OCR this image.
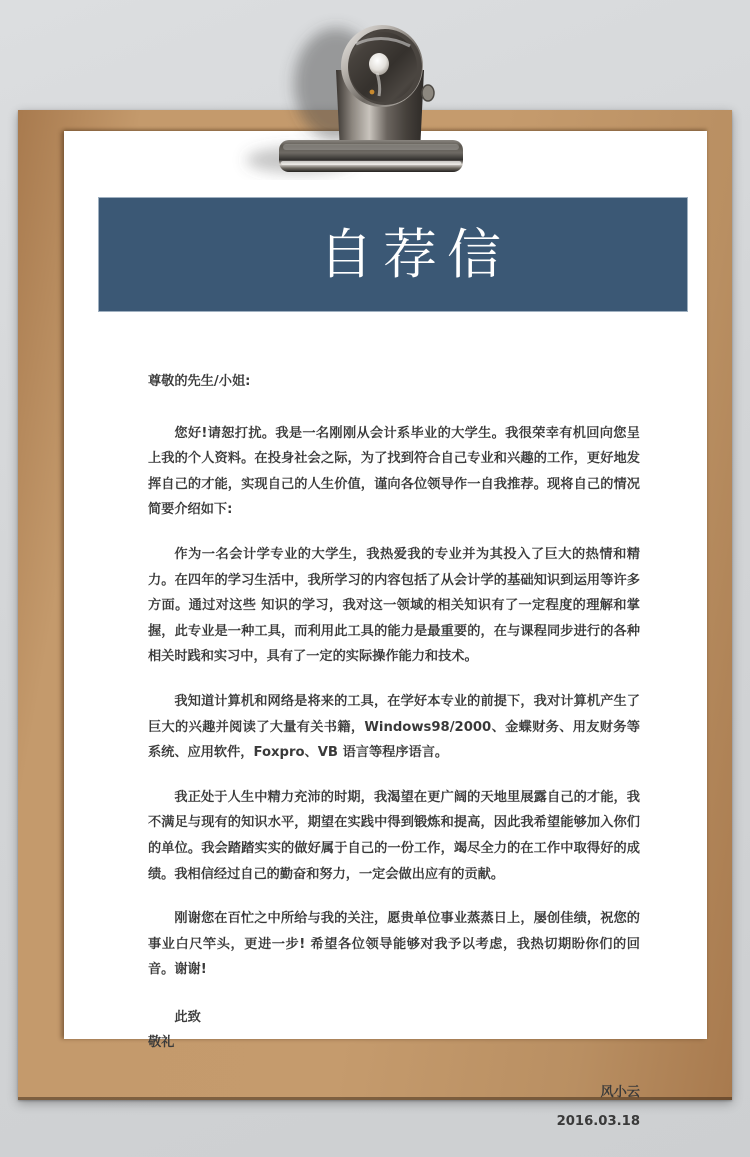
自荐信

尊敬的先生/小姐:

您好!请恕打扰。我是一名刚刚从会计系毕业的大学生。我很荣幸有机回向您呈上我的个人资料。在投身社会之际，为了找到符合自己专业和兴趣的工作，更好地发挥自己的才能，实现自己的人生价值，谨向各位领导作一自我推荐。现将自己的情况简要介绍如下:

作为一名会计学专业的大学生，我热爱我的专业并为其投入了巨大的热情和精力。在四年的学习生活中，我所学习的内容包括了从会计学的基础知识到运用等许多方面。通过对这些 知识的学习，我对这一领域的相关知识有了一定程度的理解和掌握，此专业是一种工具，而利用此工具的能力是最重要的，在与课程同步进行的各种相关时践和实习中，具有了一定的实际操作能力和技术。

我知道计算机和网络是将来的工具，在学好本专业的前提下，我对计算机产生了巨大的兴趣并阅读了大量有关书籍，Windows98/2000、金蝶财务、用友财务等系统、应用软件，Foxpro、VB 语言等程序语言。

我正处于人生中精力充沛的时期，我渴望在更广阔的天地里展露自己的才能，我不满足与现有的知识水平，期望在实践中得到锻炼和提高，因此我希望能够加入你们的单位。我会踏踏实实的做好属于自己的一份工作，竭尽全力的在工作中取得好的成绩。我相信经过自己的勤奋和努力，一定会做出应有的贡献。

刚谢您在百忙之中所给与我的关注，愿贵单位事业蒸蒸日上，屡创佳绩，祝您的事业白尺竿头，更进一步! 希望各位领导能够对我予以考虑，我热切期盼你们的回音。谢谢!

此致

敬礼

风小云

2016.03.18
